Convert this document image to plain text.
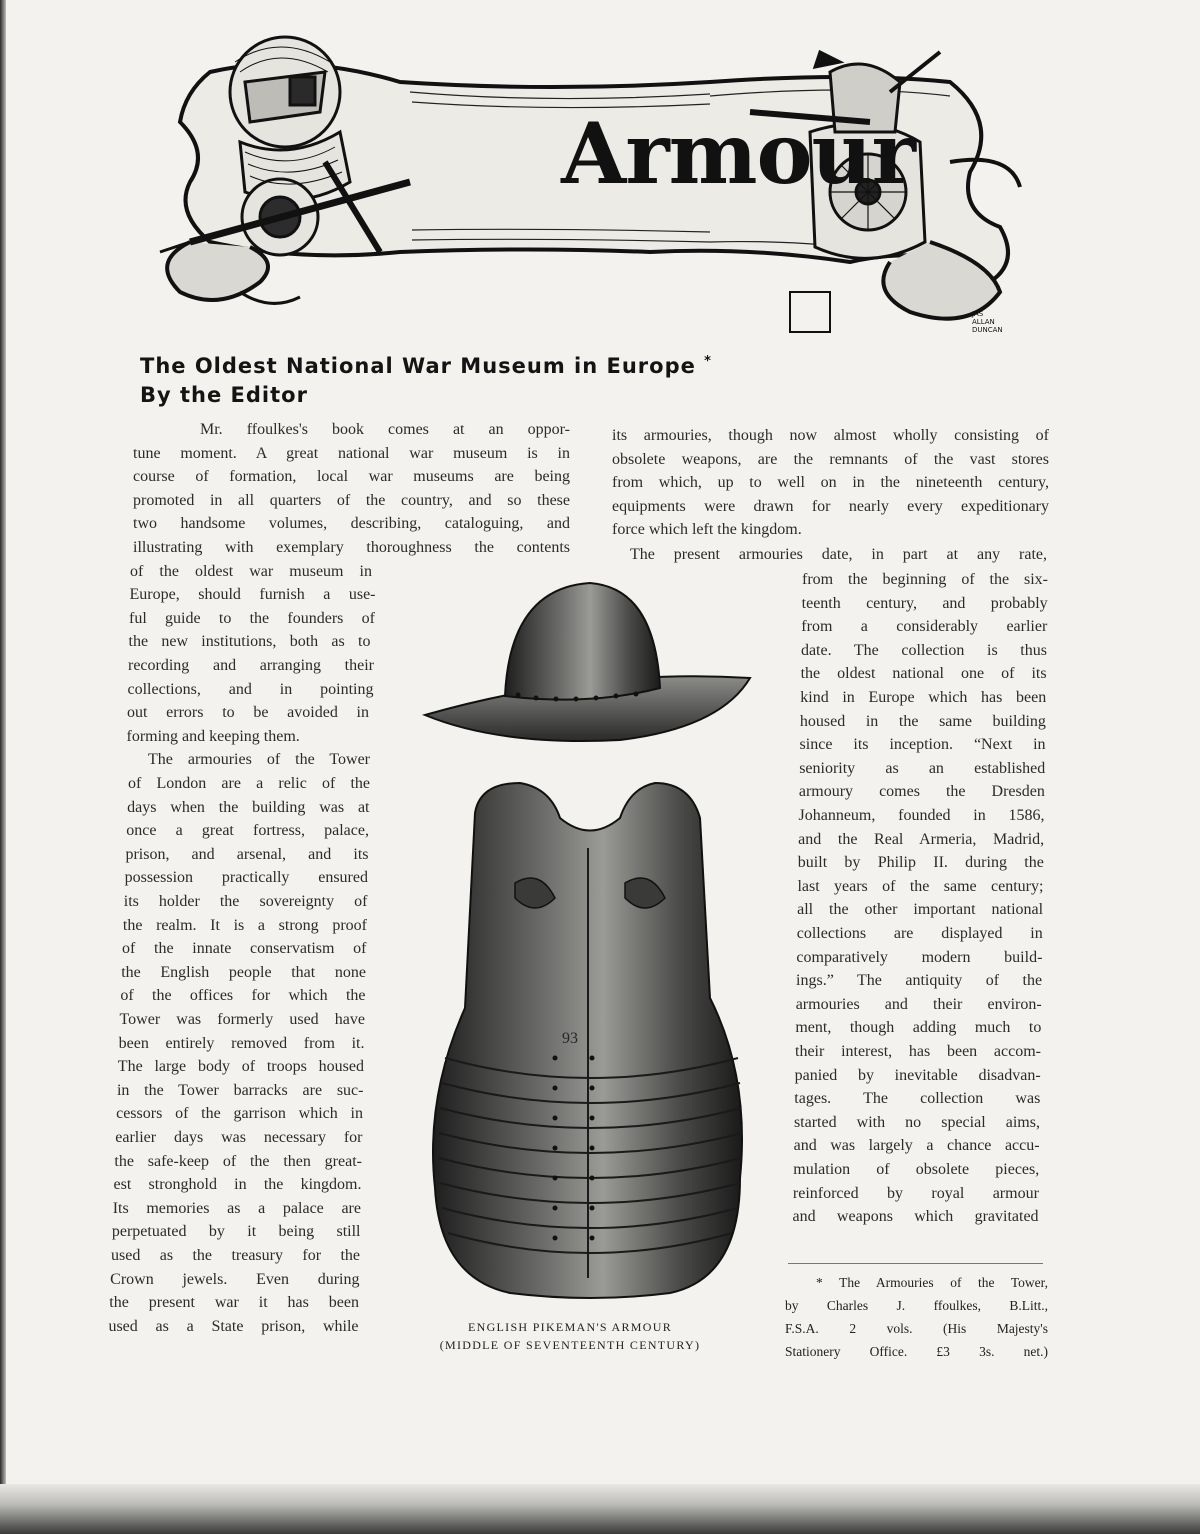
Armour
JAS
ALLAN
DUNCAN
The Oldest National War Museum in Europe *
By the Editor
Mr. ffoulkes's book comes at an oppor-
tune moment. A great national war museum is in
course of formation, local war museums are being
promoted in all quarters of the country, and so these
two handsome volumes, describing, cataloguing, and
illustrating with exemplary thoroughness the contents
of the oldest war museum in
Europe, should furnish a use-
ful guide to the founders of
the new institutions, both as to
recording and arranging their
collections, and in pointing
out errors to be avoided in
forming and keeping them.
The armouries of the Tower
of London are a relic of the
days when the building was at
once a great fortress, palace,
prison, and arsenal, and its
possession practically ensured
its holder the sovereignty of
the realm. It is a strong proof
of the innate conservatism of
the English people that none
of the offices for which the
Tower was formerly used have
been entirely removed from it.
The large body of troops housed
in the Tower barracks are suc-
cessors of the garrison which in
earlier days was necessary for
the safe-keep of the then great-
est stronghold in the kingdom.
Its memories as a palace are
perpetuated by it being still
used as the treasury for the
Crown jewels. Even during
the present war it has been
used as a State prison, while
its armouries, though now almost wholly consisting of
obsolete weapons, are the remnants of the vast stores
from which, up to well on in the nineteenth century,
equipments were drawn for nearly every expeditionary
force which left the kingdom.
The present armouries date, in part at any rate,
from the beginning of the six-
teenth century, and probably
from a considerably earlier
date. The collection is thus
the oldest national one of its
kind in Europe which has been
housed in the same building
since its inception. “Next in
seniority as an established
armoury comes the Dresden
Johanneum, founded in 1586,
and the Real Armeria, Madrid,
built by Philip II. during the
last years of the same century;
all the other important national
collections are displayed in
comparatively modern build-
ings.” The antiquity of the
armouries and their environ-
ment, though adding much to
their interest, has been accom-
panied by inevitable disadvan-
tages. The collection was
started with no special aims,
and was largely a chance accu-
mulation of obsolete pieces,
reinforced by royal armour
and weapons which gravitated
* The Armouries of the Tower,
by Charles J. ffoulkes, B.Litt.,
F.S.A. 2 vols. (His Majesty's
Stationery Office. £3 3s. net.)
ENGLISH PIKEMAN'S ARMOUR
(MIDDLE OF SEVENTEENTH CENTURY)
93
